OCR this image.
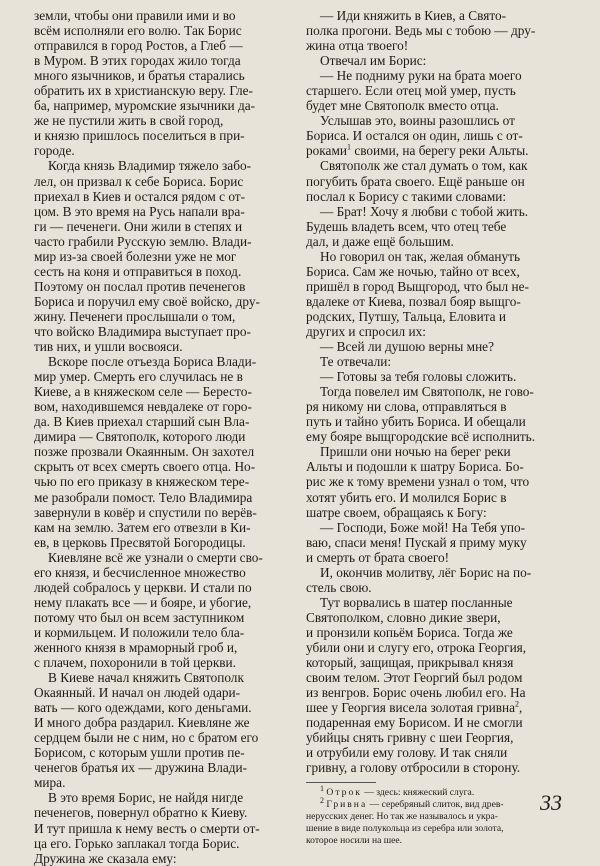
земли, чтобы они правили ими и во
всём исполняли его волю. Так Борис
отправился в город Ростов, а Глеб —
в Муром. В этих городах жило тогда
много язычников, и братья старались
обратить их в христианскую веру. Гле-
ба, например, муромские язычники да-
же не пустили жить в свой город,
и князю пришлось поселиться в при-
городе.
Когда князь Владимир тяжело забо-
лел, он призвал к себе Бориса. Борис
приехал в Киев и остался рядом с от-
цом. В это время на Русь напали вра-
ги — печенеги. Они жили в степях и
часто грабили Русскую землю. Влади-
мир из-за своей болезни уже не мог
сесть на коня и отправиться в поход.
Поэтому он послал против печенегов
Бориса и поручил ему своё войско, дру-
жину. Печенеги прослышали о том,
что войско Владимира выступает про-
тив них, и ушли восвояси.
Вскоре после отъезда Бориса Влади-
мир умер. Смерть его случилась не в
Киеве, а в княжеском селе — Берестo-
вом, находившемся невдалеке от горо-
да. В Киев приехал старший сын Вла-
димира — Святополк, которого люди
позже прозвали Окаянным. Он захотел
скрыть от всех смерть своего отца. Но-
чью по его приказу в княжеском тере-
ме разобрали помост. Тело Владимира
завернули в ковёр и спустили по верёв-
кам на землю. Затем его отвезли в Ки-
ев, в церковь Пресвятой Богородицы.
Киевляне всё же узнали о смерти сво-
его князя, и бесчисленное множество
людей собралось у церкви. И стали по
нему плакать все — и бояре, и убогие,
потому что был он всем заступником
и кормильцем. И положили тело бла-
женного князя в мраморный гроб и,
с плачем, похоронили в той церкви.
В Киеве начал княжить Святополк
Окаянный. И начал он людей одари-
вать — кого одеждами, кого деньгами.
И много добра раздарил. Киевляне же
сердцем были не с ним, но с братом его
Борисом, с которым ушли против пе-
ченегов братья их — дружина Влади-
мира.
В это время Борис, не найдя нигде
печенегов, повернул обратно к Киеву.
И тут пришла к нему весть о смерти от-
ца его. Горько заплакал тогда Борис.
Дружина же сказала ему:
— Иди княжить в Киев, а Свято-
полка прогони. Ведь мы с тобою — дру-
жина отца твоего!
Отвечал им Борис:
— Не подниму руки на брата моего
старшего. Если отец мой умер, пусть
будет мне Святополк вместо отца.
Услышав это, воины разошлись от
Бориса. И остался он один, лишь с от-
роками$^1$ своими, на берегу реки Альты.
Святополк же стал думать о том, как
погубить брата своего. Ещё раньше он
послал к Борису с такими словами:
— Брат! Хочу я любви с тобой жить.
Будешь владеть всем, что отец тебе
дал, и даже ещё большим.
Но говорил он так, желая обмануть
Бориса. Сам же ночью, тайно от всех,
пришёл в город Выщгород, что был не-
вдалеке от Киева, позвал бояр выщго-
родских, Путшу, Тальца, Еловита и
других и спросил их:
— Всей ли душою верны мне?
Те отвечали:
— Готовы за тебя головы сложить.
Тогда повелел им Святополк, не гово-
ря никому ни слова, отправляться в
путь и тайно убить Бориса. И обещали
ему бояре выщгородские всё исполнить.
Пришли они ночью на берег реки
Альты и подошли к шатру Бориса. Бо-
рис же к тому времени узнал о том, что
хотят убить его. И молился Борис в
шатре своем, обращаясь к Богу:
— Господи, Боже мой! На Тебя упо-
ваю, спаси меня! Пускай я приму муку
и смерть от брата своего!
И, окончив молитву, лёг Борис на по-
стель свою.
Тут ворвались в шатер посланные
Святополком, словно дикие звери,
и пронзили копьём Бориса. Тогда же
убили они и слугу его, отрока Георгия,
который, защищая, прикрывал князя
своим телом. Этот Георгий был родом
из венгров. Борис очень любил его. На
шее у Георгия висела золотая гривна$^2$,
подаренная ему Борисом. И не смогли
убийцы снять гривну с шеи Георгия,
и отрубили ему голову. И так сняли
гривну, а голову отбросили в сторону.
$^1$ Отрок — здесь: княжеский слуга.
$^2$ Гривна — серебряный слиток, вид древ-
нерусских денег. Но так же называлось и укра-
шение в виде полукольца из серебра или золота,
которое носили на шее.
33
